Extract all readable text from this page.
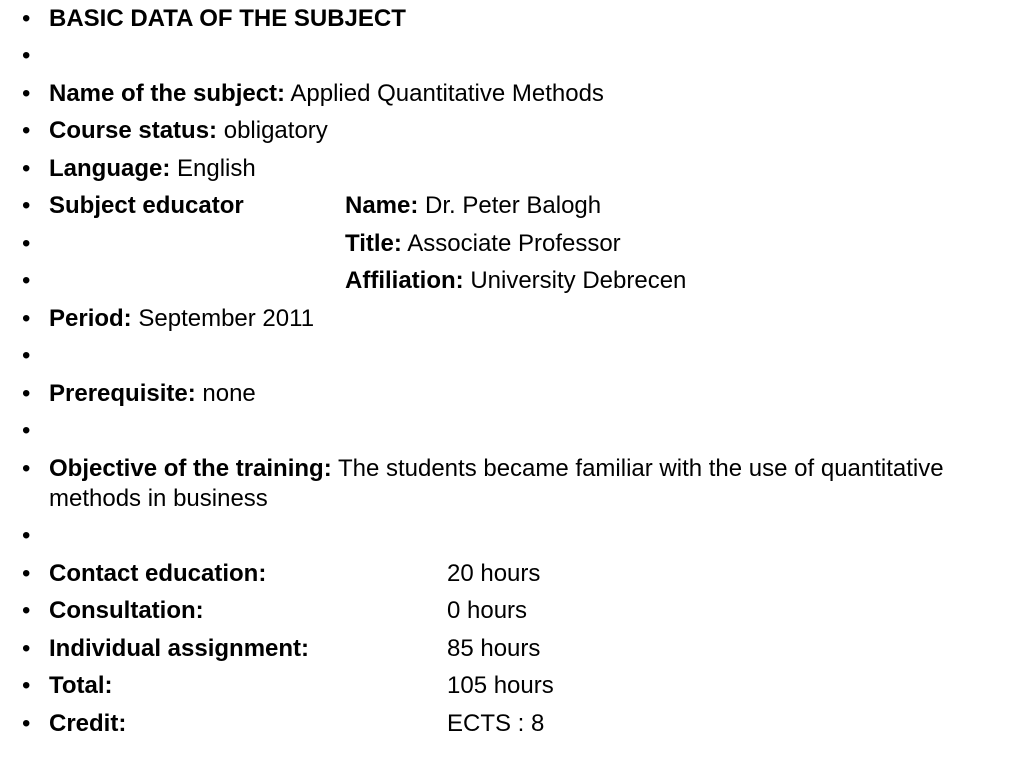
• BASIC DATA OF THE SUBJECT
•
• Name of the subject: Applied Quantitative Methods
• Course status: obligatory
• Language: English
• Subject educator	Name: Dr. Peter Balogh
•	Title: Associate Professor
•	Affiliation: University Debrecen
• Period: September 2011
•
• Prerequisite: none
•
• Objective of the training: The students became familiar with the use of quantitative methods in business
•
• Contact education:	20 hours
• Consultation:	0 hours
• Individual assignment:	85 hours
• Total:	105 hours
• Credit:	ECTS : 8
